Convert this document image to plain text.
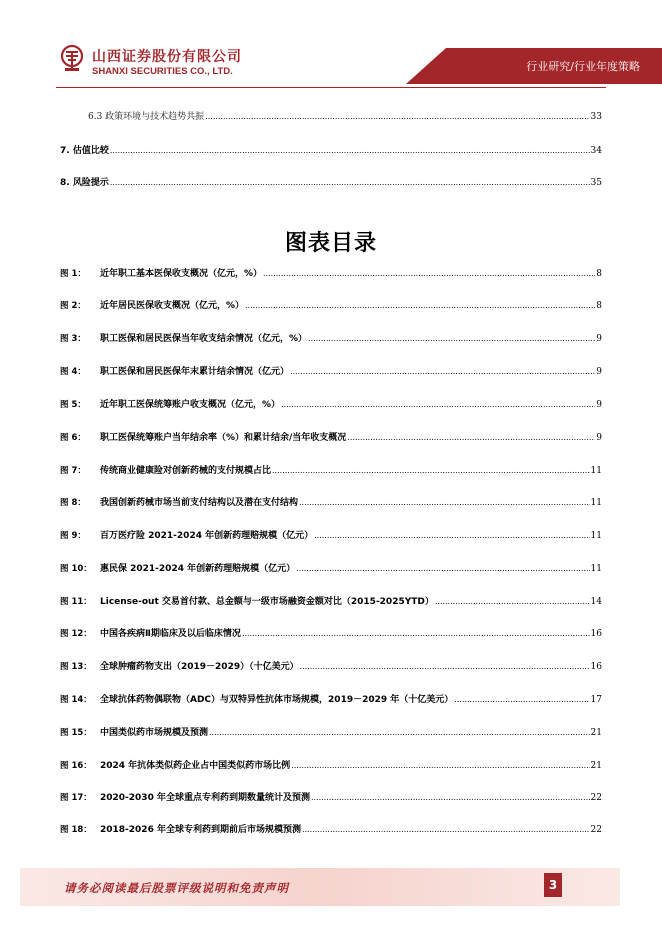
山西证券股份有限公司
SHANXI SECURITIES CO., LTD.	行业研究/行业年度策略
6.3 政策环境与技术趋势共振 .....	33
7. 估值比较 .....	34
8. 风险提示 .....	35
图表目录
图 1： 近年职工基本医保收支概况（亿元，%） .....	8
图 2： 近年居民医保收支概况（亿元，%） .....	8
图 3： 职工医保和居民医保当年收支结余情况（亿元，%） .....	9
图 4： 职工医保和居民医保年末累计结余情况（亿元） .....	9
图 5： 近年职工医保统筹账户收支概况（亿元，%） .....	9
图 6： 职工医保统筹账户当年结余率（%）和累计结余/当年收支概况 .....	9
图 7： 传统商业健康险对创新药械的支付规模占比 .....	11
图 8： 我国创新药械市场当前支付结构以及潜在支付结构 .....	11
图 9： 百万医疗险 2021-2024 年创新药理赔规模（亿元） .....	11
图 10： 惠民保 2021-2024 年创新药理赔规模（亿元） .....	11
图 11： License-out 交易首付款、总金额与一级市场融资金额对比（2015-2025YTD） .....	14
图 12： 中国各疾病Ⅱ期临床及以后临床情况 .....	16
图 13： 全球肿瘤药物支出（2019－2029）（十亿美元） .....	16
图 14： 全球抗体药物偶联物（ADC）与双特异性抗体市场规模，2019－2029 年（十亿美元） .....	17
图 15： 中国类似药市场规模及预测 .....	21
图 16： 2024 年抗体类似药企业占中国类似药市场比例 .....	21
图 17： 2020-2030 年全球重点专利药到期数量统计及预测 .....	22
图 18： 2018-2026 年全球专利药到期前后市场规模预测 .....	22
请务必阅读最后股票评级说明和免责声明	3
